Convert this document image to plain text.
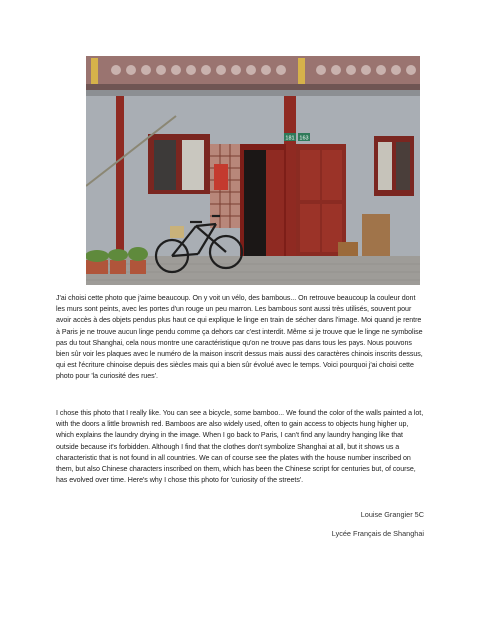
181 163
J'ai choisi cette photo que j'aime beaucoup. On y voit un vélo, des bambous... On retrouve beaucoup la couleur dont les murs sont peints, avec les portes d'un rouge un peu marron. Les bambous sont aussi très utilisés, souvent pour avoir accès à des objets pendus plus haut ce qui explique le linge en train de sécher dans l'image. Moi quand je rentre à Paris je ne trouve aucun linge pendu comme ça dehors car c'est interdit. Même si je trouve que le linge ne symbolise pas du tout Shanghai, cela nous montre une caractéristique qu'on ne trouve pas dans tous les pays. Nous pouvons bien sûr voir les plaques avec le numéro de la maison inscrit dessus mais aussi des caractères chinois inscrits dessus, qui est l'écriture chinoise depuis des siècles mais qui a bien sûr évolué avec le temps. Voici pourquoi j'ai choisi cette photo pour 'la curiosité des rues'.
I chose this photo that I really like. You can see a bicycle, some bamboo... We found the color of the walls painted a lot, with the doors a little brownish red. Bamboos are also widely used, often to gain access to objects hung higher up, which explains the laundry drying in the image. When I go back to Paris, I can't find any laundry hanging like that outside because it's forbidden. Although I find that the clothes don't symbolize Shanghai at all, but it shows us a characteristic that is not found in all countries. We can of course see the plates with the house number inscribed on them, but also Chinese characters inscribed on them, which has been the Chinese script for centuries but, of course, has evolved over time. Here's why I chose this photo for 'curiosity of the streets'.
Louise Grangier 5C
Lycée Français de Shanghai
